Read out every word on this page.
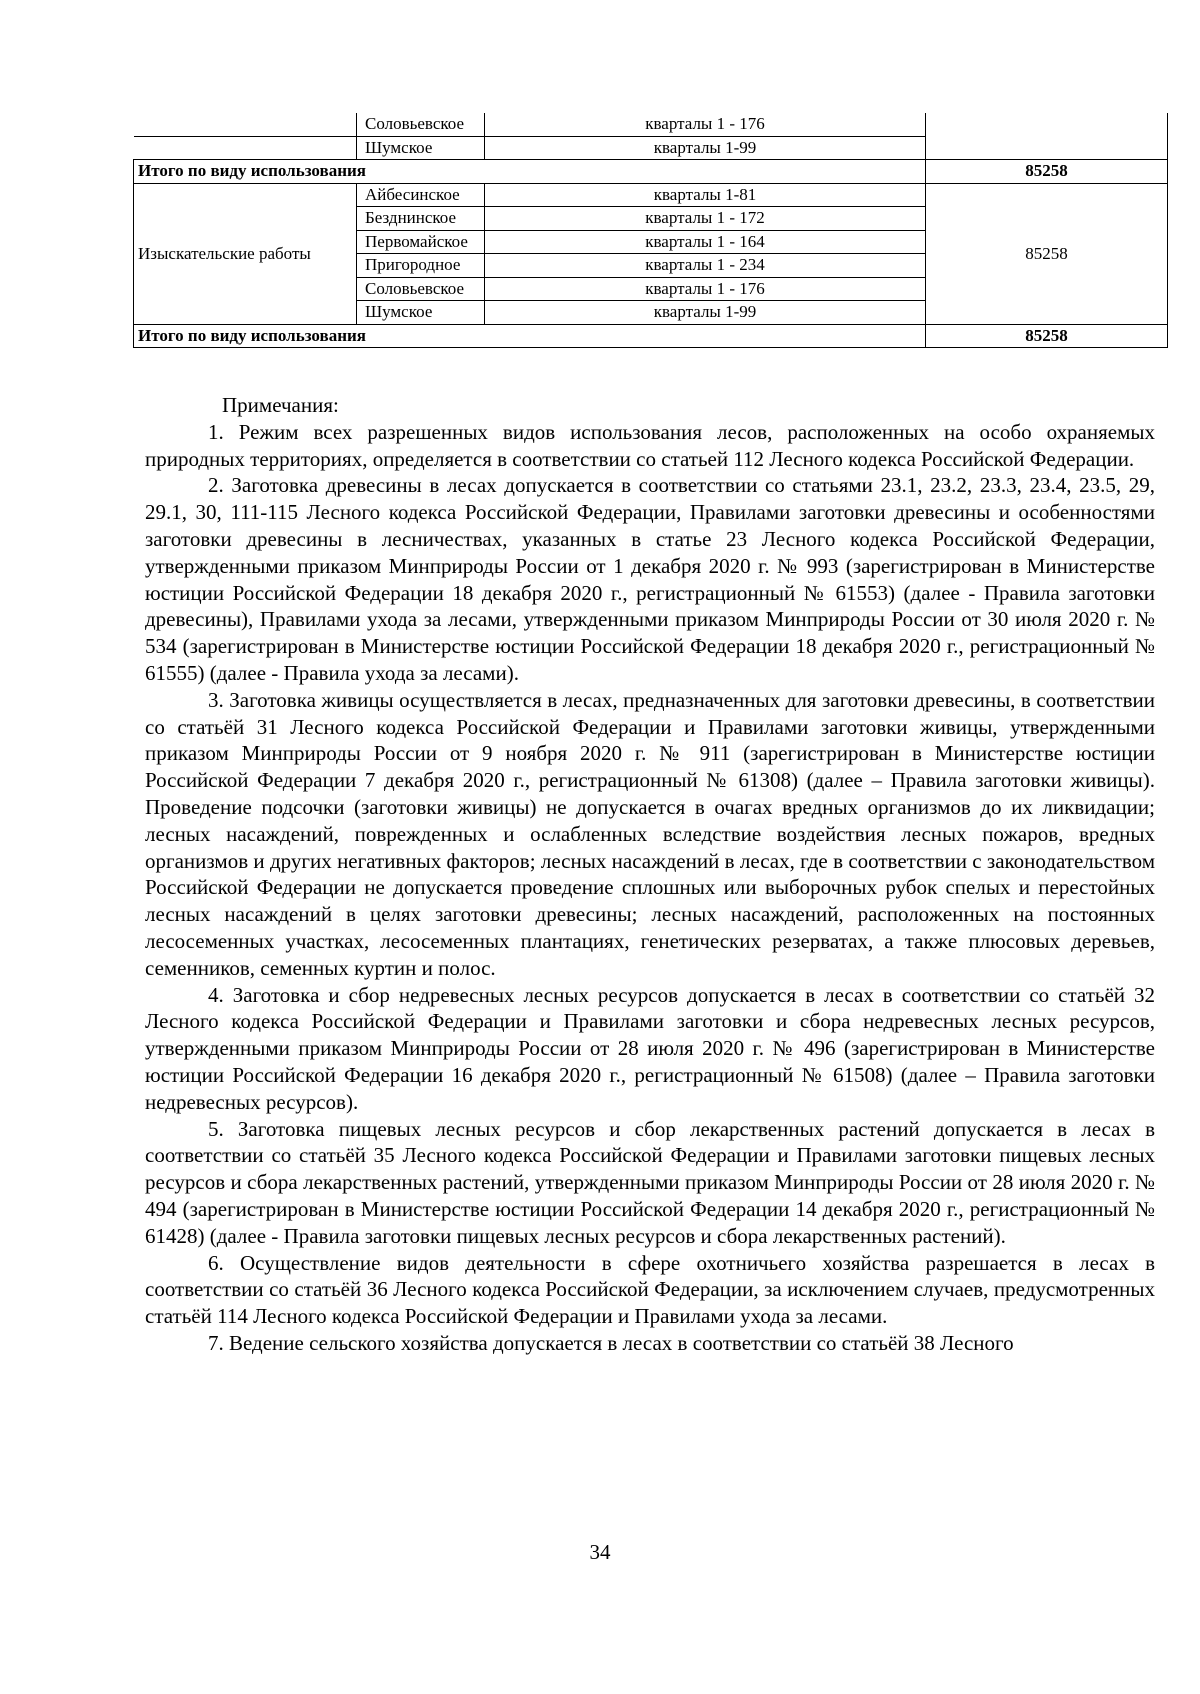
	Соловьевское	кварталы 1 - 176	
	Шумское	кварталы 1-99	
Итого по виду использования			85258
Изыскательские работы	Айбесинское	кварталы 1-81	85258
	Безднинское	кварталы 1 - 172	
	Первомайское	кварталы 1 - 164	
	Пригородное	кварталы 1 - 234	
	Соловьевское	кварталы 1 - 176	
	Шумское	кварталы 1-99	
Итого по виду использования			85258
Примечания:

1. Режим всех разрешенных видов использования лесов, расположенных на особо охраняемых природных территориях, определяется в соответствии со статьей 112 Лесного кодекса Российской Федерации.

2. Заготовка древесины в лесах допускается в соответствии со статьями 23.1, 23.2, 23.3, 23.4, 23.5, 29, 29.1, 30, 111-115 Лесного кодекса Российской Федерации, Правилами заготовки древесины и особенностями заготовки древесины в лесничествах, указанных в статье 23 Лесного кодекса Российской Федерации, утвержденными приказом Минприроды России от 1 декабря 2020 г. № 993 (зарегистрирован в Министерстве юстиции Российской Федерации 18 декабря 2020 г., регистрационный № 61553) (далее - Правила заготовки древесины), Правилами ухода за лесами, утвержденными приказом Минприроды России от 30 июля 2020 г. № 534 (зарегистрирован в Министерстве юстиции Российской Федерации 18 декабря 2020 г., регистрационный № 61555) (далее - Правила ухода за лесами).

3. Заготовка живицы осуществляется в лесах, предназначенных для заготовки древесины, в соответствии со статьёй 31 Лесного кодекса Российской Федерации и Правилами заготовки живицы, утвержденными приказом Минприроды России от 9 ноября 2020 г. № 911 (зарегистрирован в Министерстве юстиции Российской Федерации 7 декабря 2020 г., регистрационный № 61308) (далее – Правила заготовки живицы). Проведение подсочки (заготовки живицы) не допускается в очагах вредных организмов до их ликвидации; лесных насаждений, поврежденных и ослабленных вследствие воздействия лесных пожаров, вредных организмов и других негативных факторов; лесных насаждений в лесах, где в соответствии с законодательством Российской Федерации не допускается проведение сплошных или выборочных рубок спелых и перестойных лесных насаждений в целях заготовки древесины; лесных насаждений, расположенных на постоянных лесосеменных участках, лесосеменных плантациях, генетических резерватах, а также плюсовых деревьев, семенников, семенных куртин и полос.

4. Заготовка и сбор недревесных лесных ресурсов допускается в лесах в соответствии со статьёй 32 Лесного кодекса Российской Федерации и Правилами заготовки и сбора недревесных лесных ресурсов, утвержденными приказом Минприроды России от 28 июля 2020 г. № 496 (зарегистрирован в Министерстве юстиции Российской Федерации 16 декабря 2020 г., регистрационный № 61508) (далее – Правила заготовки недревесных ресурсов).

5. Заготовка пищевых лесных ресурсов и сбор лекарственных растений допускается в лесах в соответствии со статьёй 35 Лесного кодекса Российской Федерации и Правилами заготовки пищевых лесных ресурсов и сбора лекарственных растений, утвержденными приказом Минприроды России от 28 июля 2020 г. № 494 (зарегистрирован в Министерстве юстиции Российской Федерации 14 декабря 2020 г., регистрационный № 61428) (далее - Правила заготовки пищевых лесных ресурсов и сбора лекарственных растений).

6. Осуществление видов деятельности в сфере охотничьего хозяйства разрешается в лесах в соответствии со статьёй 36 Лесного кодекса Российской Федерации, за исключением случаев, предусмотренных статьёй 114 Лесного кодекса Российской Федерации и Правилами ухода за лесами.

7. Ведение сельского хозяйства допускается в лесах в соответствии со статьёй 38 Лесного

34
